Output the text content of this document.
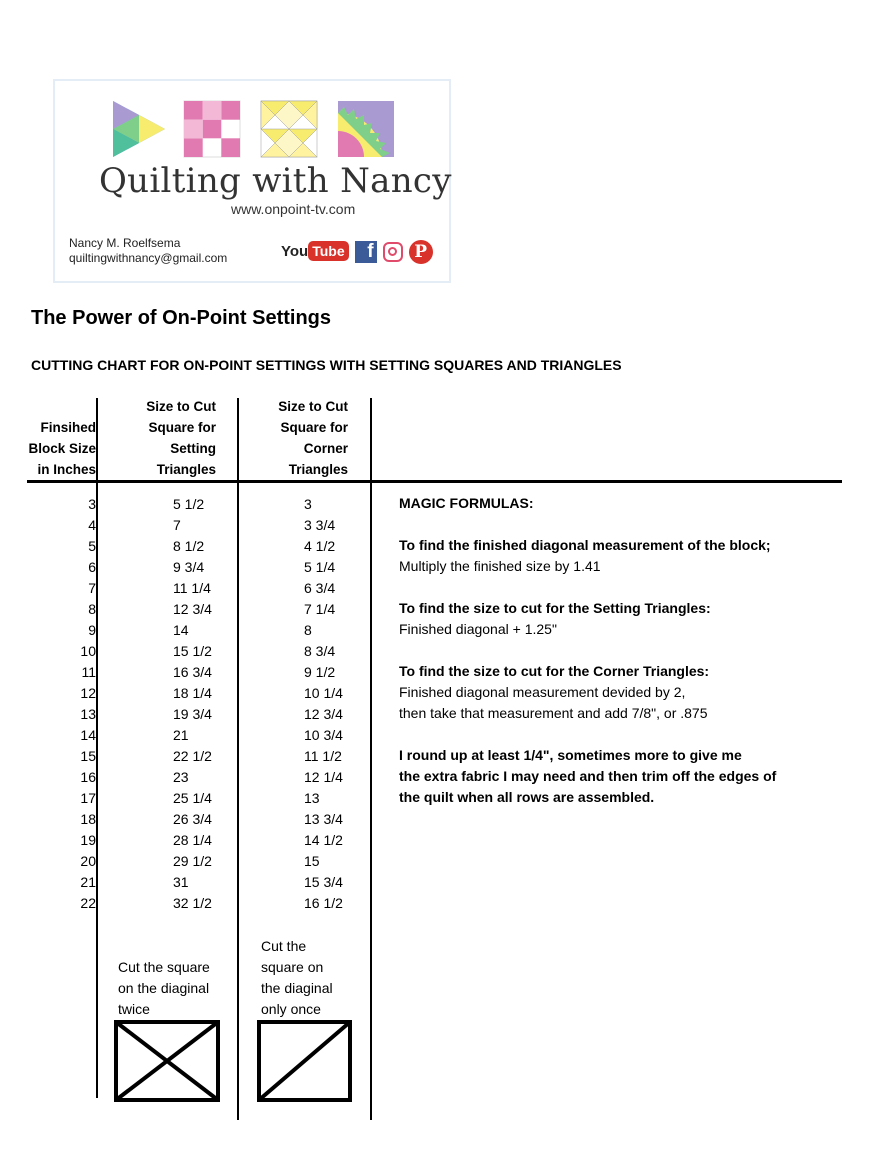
Quilting with Nancy
www.onpoint-tv.com
Nancy M. Roelfsema
quiltingwithnancy@gmail.com	You Tube	f	P
The Power of On-Point Settings
CUTTING CHART FOR ON-POINT SETTINGS WITH SETTING SQUARES AND TRIANGLES
Finsihed
Block Size
in Inches
Size to Cut
Square for
Setting
Triangles
Size to Cut
Square for
Corner
Triangles
3	5 1/2	3
4	7	3 3/4
5	8 1/2	4 1/2
6	9 3/4	5 1/4
7	11 1/4	6 3/4
8	12 3/4	7 1/4
9	14	8
10	15 1/2	8 3/4
11	16 3/4	9 1/2
12	18 1/4	10 1/4
13	19 3/4	12 3/4
14	21	10 3/4
15	22 1/2	11 1/2
16	23	12 1/4
17	25 1/4	13
18	26 3/4	13 3/4
19	28 1/4	14 1/2
20	29 1/2	15
21	31	15 3/4
22	32 1/2	16 1/2
Cut the square
on the diaginal
twice
Cut the
square on
the diaginal
only once
MAGIC FORMULAS:
To find the finished diagonal measurement of the block;
Multiply the finished size by 1.41
To find the size to cut for the Setting Triangles:
Finished diagonal + 1.25"
To find the size to cut for the Corner Triangles:
Finished diagonal measurement devided by 2,
then take that measurement and add 7/8", or .875
I round up at least 1/4", sometimes more to give me
the extra fabric I may need and then trim off the edges of
the quilt when all rows are assembled.
